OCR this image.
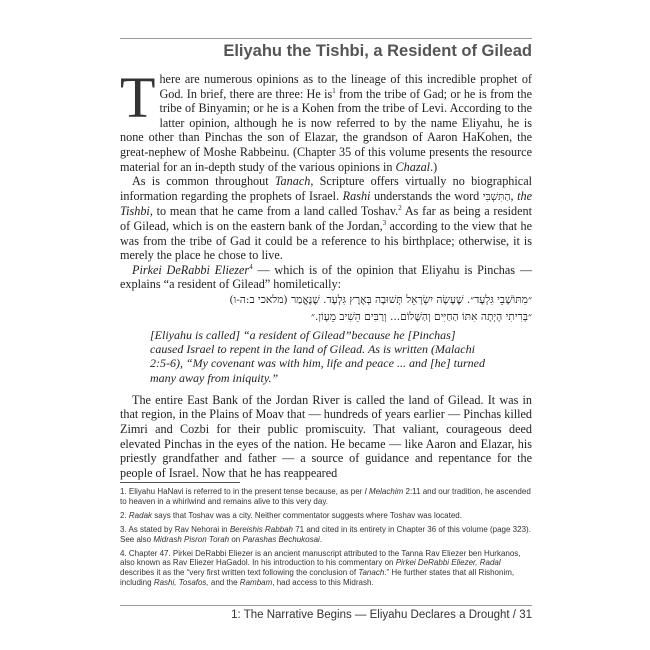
Eliyahu the Tishbi, a Resident of Gilead

There are numerous opinions as to the lineage of this incredible prophet of God. In brief, there are three: He $is^1$ from the tribe of Gad; or he is from the tribe of Binyamin; or he is a Kohen from the tribe of Levi. According to the latter opinion, although he is now referred to by the name Eliyahu, he is none other than Pinchas the son of Elazar, the grandson of Aaron HaKohen, the great-nephew of Moshe Rabbeinu. (Chapter 35 of this volume presents the resource material for an in-depth study of the various opinions in Chazal.)

As is common throughout Tanach, Scripture offers virtually no biographical information regarding the prophets of Israel. Rashi understands the word הַתִּשְׁבִּי, the Tishbi, to mean that he came from a land called Toshav.$^2$ As far as being a resident of Gilead, which is on the eastern bank of the Jordan,$^3$ according to the view that he was from the tribe of Gad it could be a reference to his birthplace; otherwise, it is merely the place he chose to live.

Pirkei DeRabbi Eliezer$^4$ — which is of the opinion that Eliyahu is Pinchas — explains “a resident of Gilead” homiletically:

״מִתּוֹשָׁבֵי גִּלְעָד״. שֶׁעָשָׂה יִשְׂרָאֵל תְּשׁוּבָה בְּאֶרֶץ גִּלְעָד. שֶׁנֶּאֱמַר (מלאכי ב:ה-ו)
״בְּרִיתִי הָיְתָה אִתּוֹ הַחַיִּים וְהַשָּׁלוֹם... וְרַבִּים הֵשִׁיב מֵעָוֹן.״
[Eliyahu is called] “a resident of Gilead”because he [Pinchas] caused Israel to repent in the land of Gilead. As is written (Malachi 2:5-6), “My covenant was with him, life and peace ... and [he] turned many away from iniquity.”

The entire East Bank of the Jordan River is called the land of Gilead. It was in that region, in the Plains of Moav that — hundreds of years earlier — Pinchas killed Zimri and Cozbi for their public promiscuity. That valiant, courageous deed elevated Pinchas in the eyes of the nation. He became — like Aaron and Elazar, his priestly grandfather and father — a source of guidance and repentance for the people of Israel. Now that he has reappeared

1. Eliyahu HaNavi is referred to in the present tense because, as per I Melachim 2:11 and our tradition, he ascended to heaven in a whirlwind and remains alive to this very day.

2. Radak says that Toshav was a city. Neither commentator suggests where Toshav was located.

3. As stated by Rav Nehorai in Bereishis Rabbah 71 and cited in its entirety in Chapter 36 of this volume (page 323). See also Midrash Pisron Torah on Parashas Bechukosai.

4. Chapter 47. Pirkei DeRabbi Eliezer is an ancient manuscript attributed to the Tanna Rav Eliezer ben Hurkanos, also known as Rav Eliezer HaGadol. In his introduction to his commentary on Pirkei DeRabbi Eliezer, Radal describes it as the “very first written text following the conclusion of Tanach.” He further states that all Rishonim, including Rashi, Tosafos, and the Rambam, had access to this Midrash.

1: The Narrative Begins — Eliyahu Declares a Drought / 31
